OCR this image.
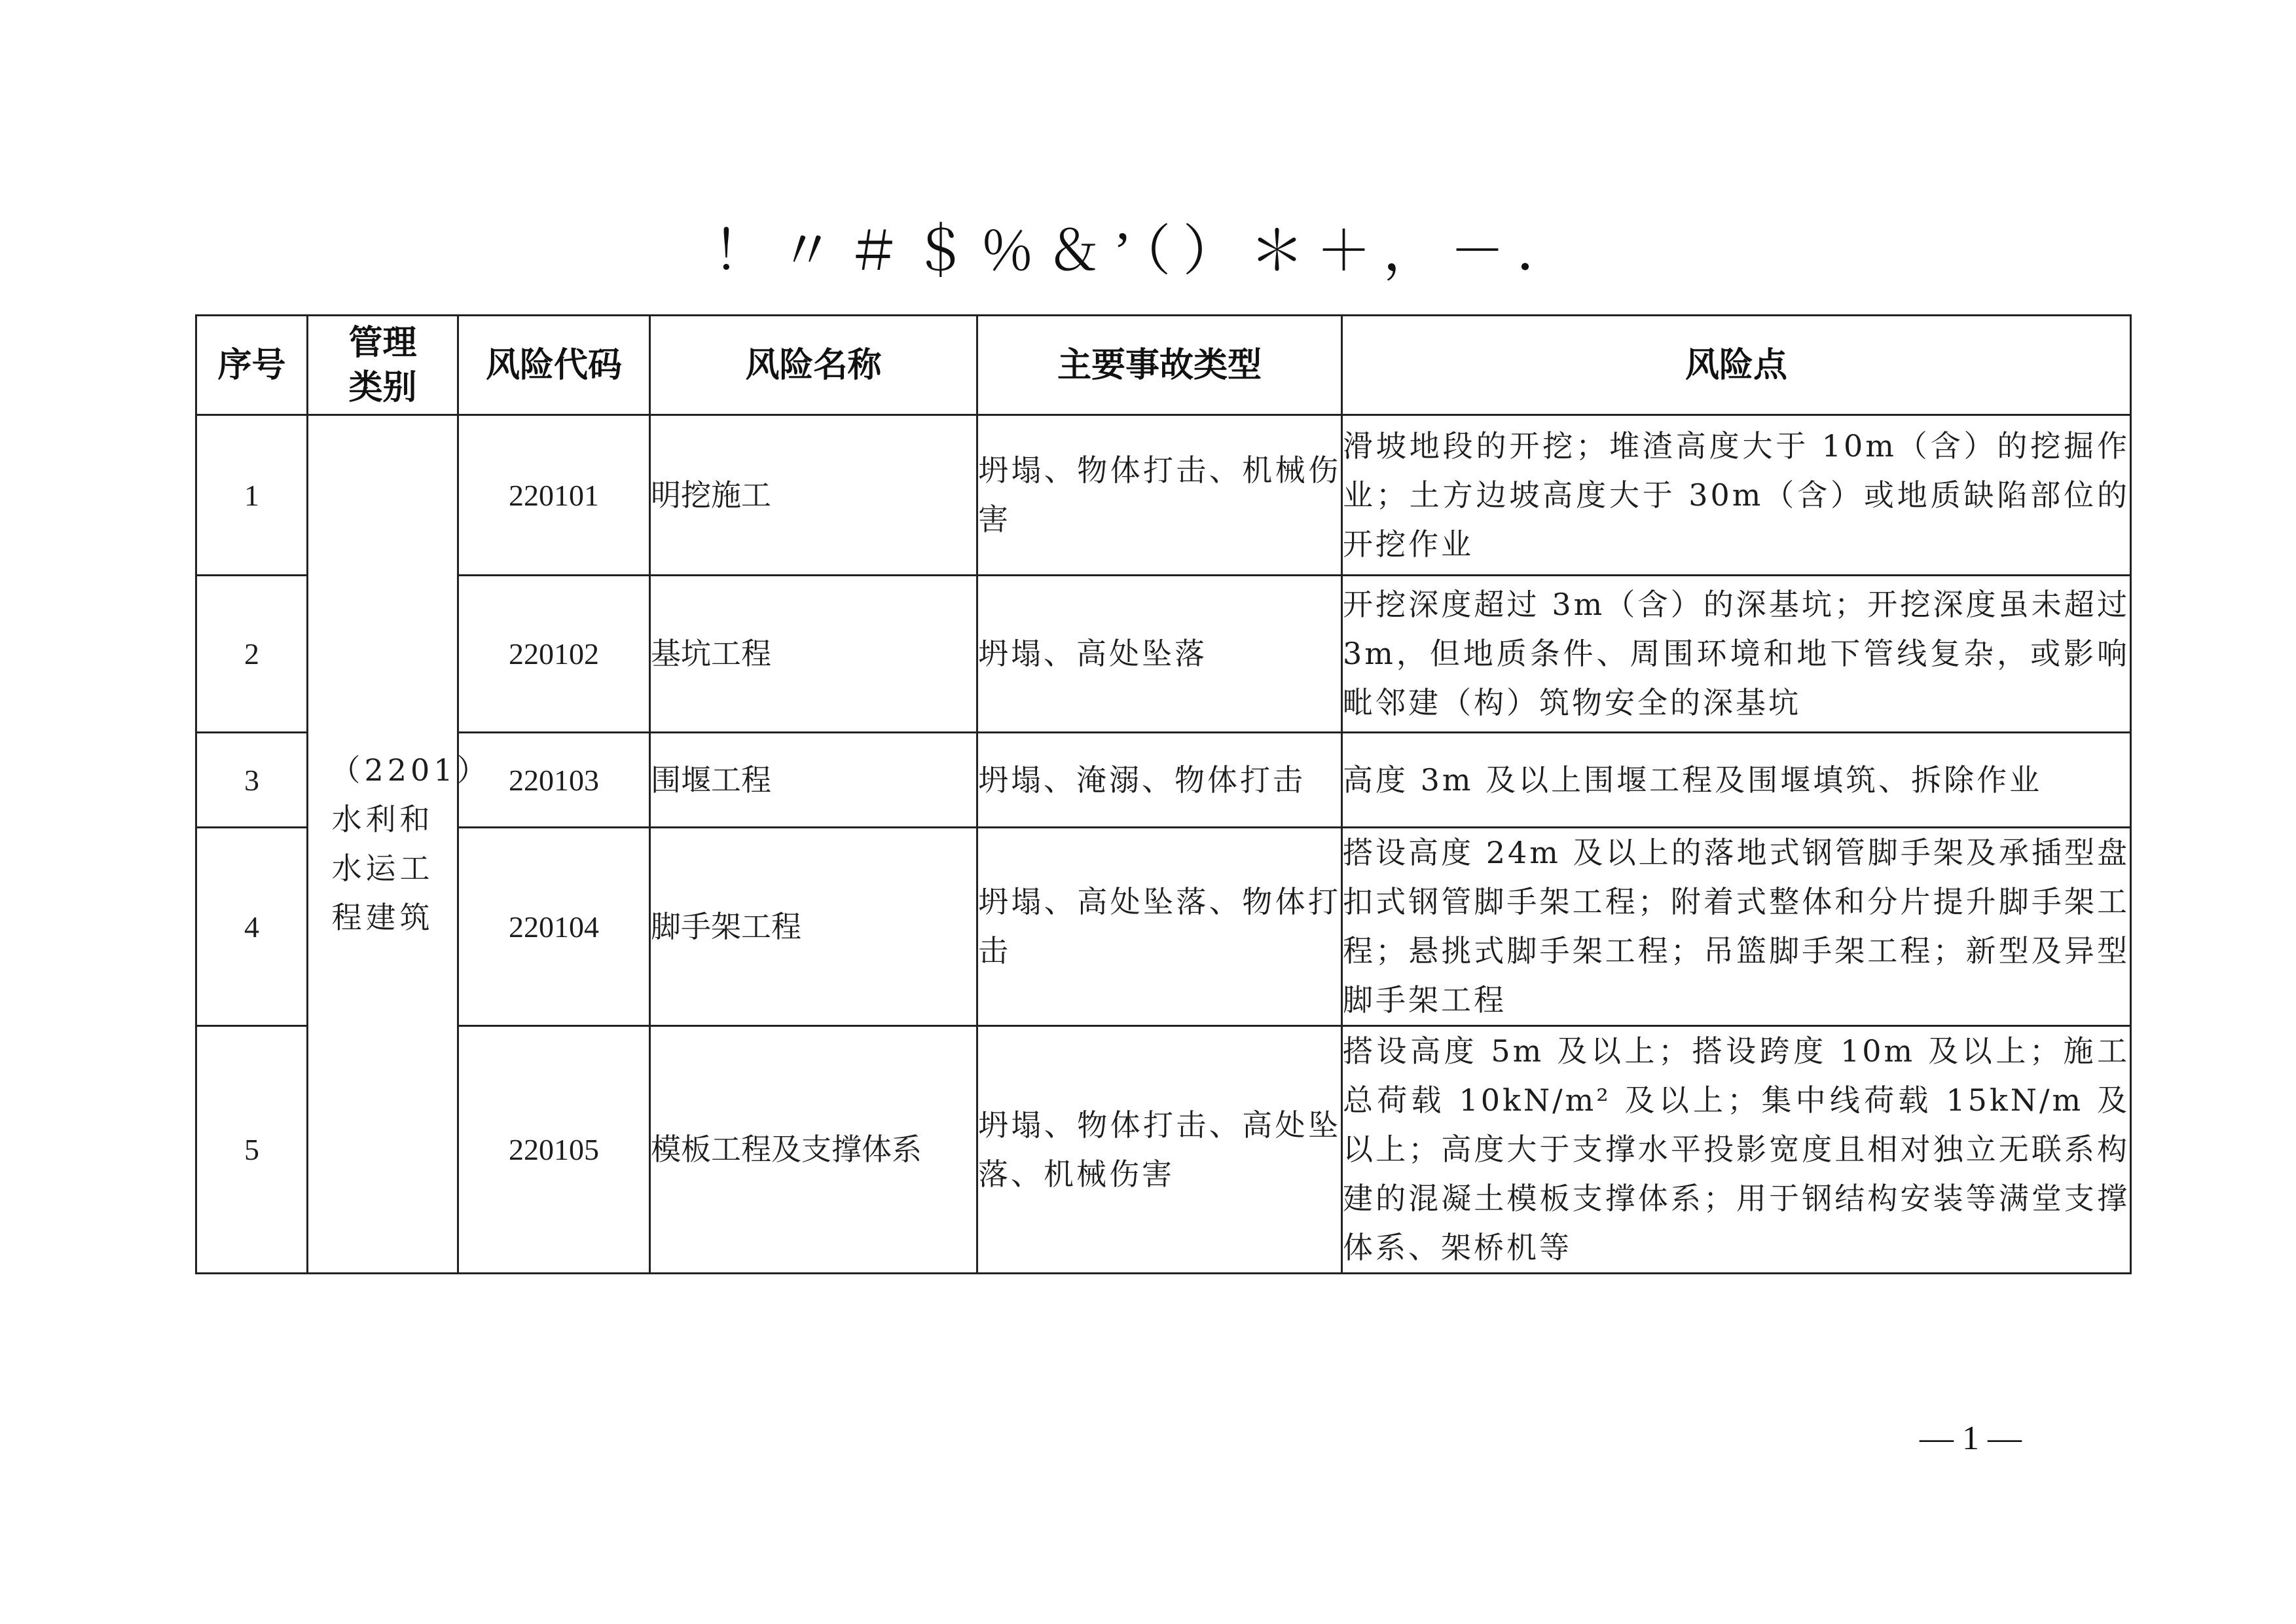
！〃＃＄％＆’（）＊＋，－．
序号	管理类别	风险代码	风险名称	主要事故类型	风险点
1	（2201）水利和水运工程建筑	220101	明挖施工	坍塌、物体打击、机械伤害	滑坡地段的开挖；堆渣高度大于 10m（含）的挖掘作业；土方边坡高度大于 30m（含）或地质缺陷部位的开挖作业
2		220102	基坑工程	坍塌、高处坠落	开挖深度超过 3m（含）的深基坑；开挖深度虽未超过 3m，但地质条件、周围环境和地下管线复杂，或影响毗邻建（构）筑物安全的深基坑
3		220103	围堰工程	坍塌、淹溺、物体打击	高度 3m 及以上围堰工程及围堰填筑、拆除作业
4		220104	脚手架工程	坍塌、高处坠落、物体打击	搭设高度 24m 及以上的落地式钢管脚手架及承插型盘扣式钢管脚手架工程；附着式整体和分片提升脚手架工程；悬挑式脚手架工程；吊篮脚手架工程；新型及异型脚手架工程
5		220105	模板工程及支撑体系	坍塌、物体打击、高处坠落、机械伤害	搭设高度 5m 及以上；搭设跨度 10m 及以上；施工总荷载 10kN/m² 及以上；集中线荷载 15kN/m 及以上；高度大于支撑水平投影宽度且相对独立无联系构建的混凝土模板支撑体系；用于钢结构安装等满堂支撑体系、架桥机等
— 1 —
